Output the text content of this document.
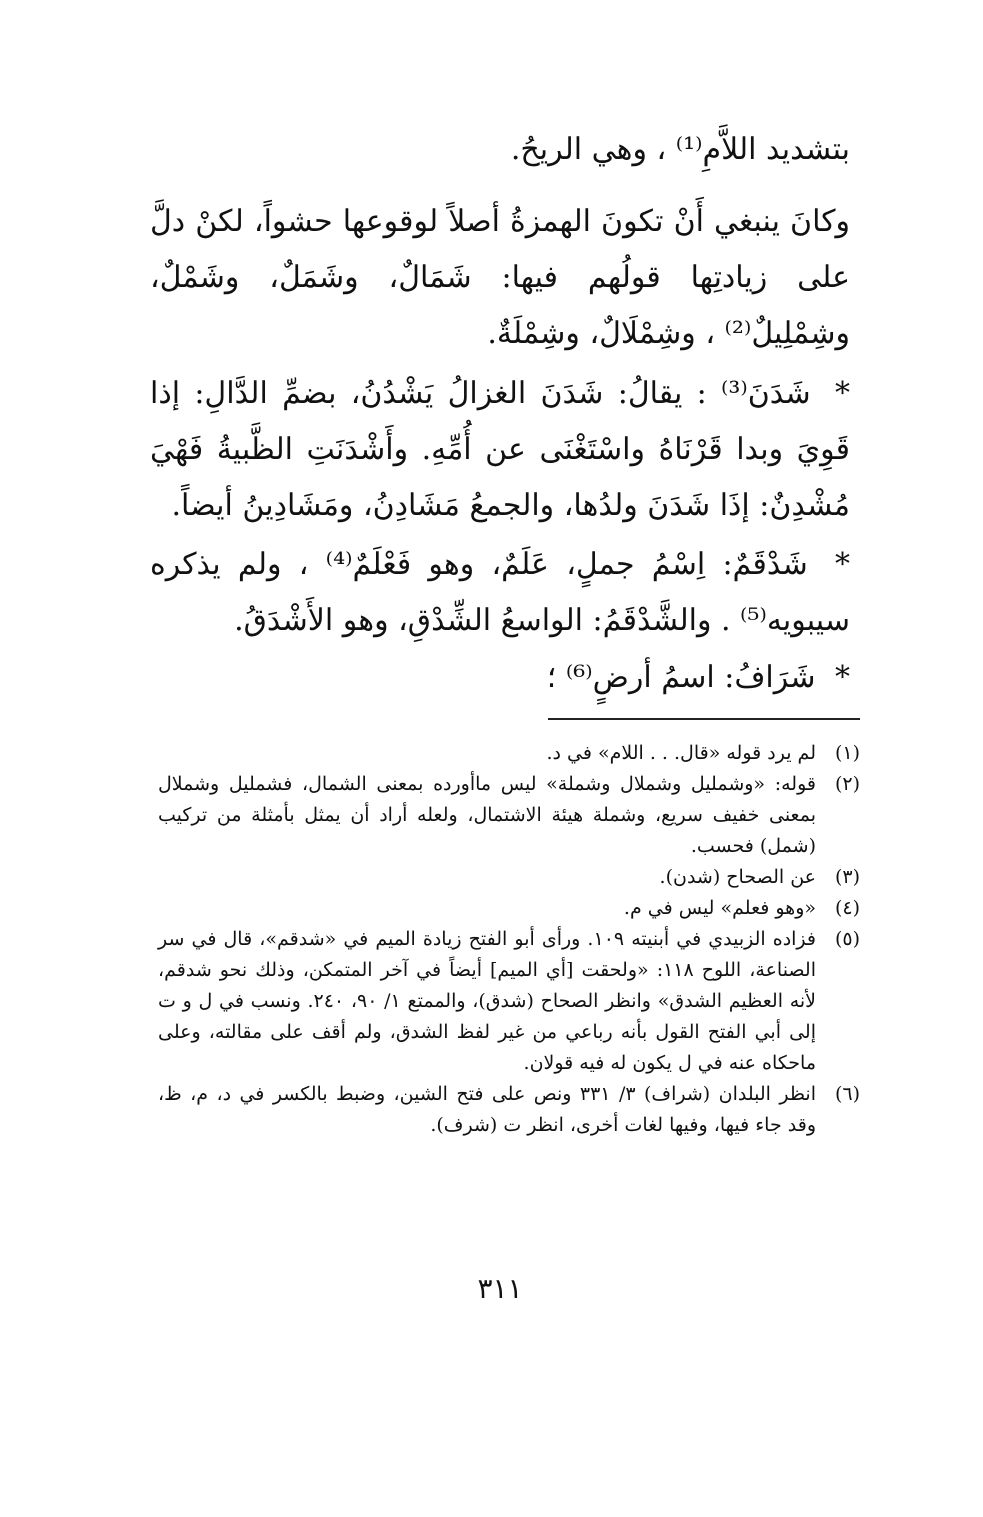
بتشديد اللاَّمِ⁽¹⁾ ، وهي الريحُ.

وكانَ ينبغي أَنْ تكونَ الهمزةُ أصلاً لوقوعها حشواً، لكنْ دلَّ على زيادتِها قولُهم فيها: شَمَالٌ، وشَمَلٌ، وشَمْلٌ، وشِمْلِيلٌ⁽²⁾ ، وشِمْلَالٌ، وشِمْلَةٌ.

* شَدَنَ⁽³⁾ : يقالُ: شَدَنَ الغزالُ يَشْدُنُ، بضمِّ الدَّالِ: إذا قَوِيَ وبدا قَرْنَاهُ واسْتَغْنَى عن أُمِّهِ. وأَشْدَنَتِ الظَّبيةُ فَهْيَ مُشْدِنٌ: إذَا شَدَنَ ولدُها، والجمعُ مَشَادِنُ، ومَشَادِينُ أيضاً.

* شَدْقَمٌ: اِسْمُ جملٍ، عَلَمٌ، وهو فَعْلَمٌ⁽⁴⁾ ، ولم يذكره سيبويه⁽⁵⁾ . والشَّدْقَمُ: الواسعُ الشِّدْقِ، وهو الأَشْدَقُ.

* شَرَافُ: اسمُ أرضٍ⁽⁶⁾ ؛

(١)
لم يرد قوله «قال. . . اللام» في د.
(٢)
قوله: «وشمليل وشملال وشملة» ليس ماأورده بمعنى الشمال، فشمليل وشملال بمعنى خفيف سريع، وشملة هيئة الاشتمال، ولعله أراد أن يمثل بأمثلة من تركيب (شمل) فحسب.
(٣)
عن الصحاح (شدن).
(٤)
«وهو فعلم» ليس في م.
(٥)
فزاده الزبيدي في أبنيته ١٠٩. ورأى أبو الفتح زيادة الميم في «شدقم»، قال في سر الصناعة، اللوح ١١٨: «ولحقت [أي الميم] أيضاً في آخر المتمكن، وذلك نحو شدقم، لأنه العظيم الشدق» وانظر الصحاح (شدق)، والممتع ١/ ٩٠، ٢٤٠. ونسب في ل و ت إلى أبي الفتح القول بأنه رباعي من غير لفظ الشدق، ولم أقف على مقالته، وعلى ماحكاه عنه في ل يكون له فيه قولان.
(٦)
انظر البلدان (شراف) ٣/ ٣٣١ ونص على فتح الشين، وضبط بالكسر في د، م، ظ، وقد جاء فيها، وفيها لغات أخرى، انظر ت (شرف).
٣١١
